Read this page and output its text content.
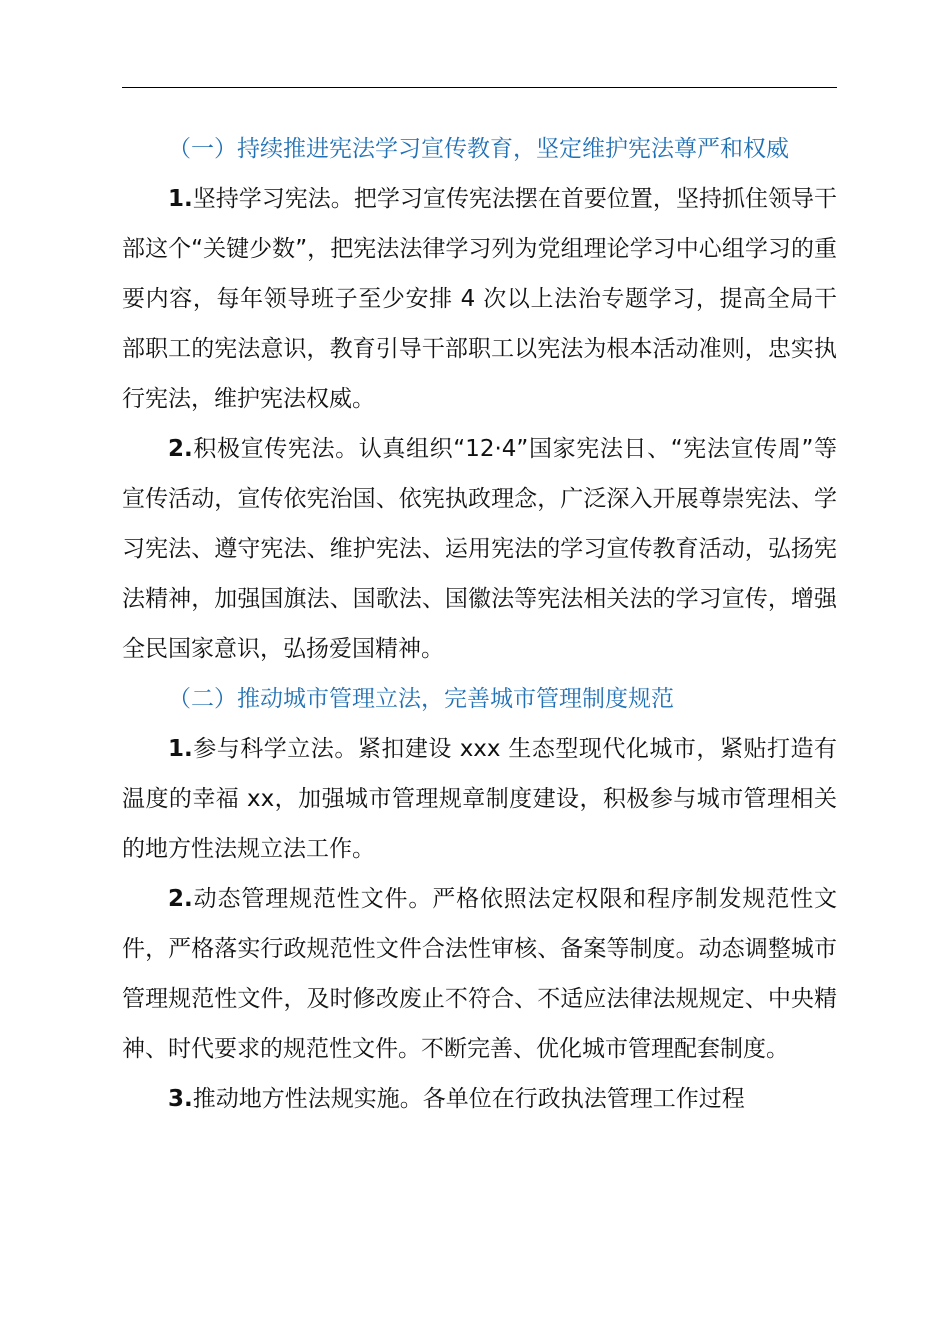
（一）持续推进宪法学习宣传教育，坚定维护宪法尊严和权威

1.坚持学习宪法。把学习宣传宪法摆在首要位置，坚持抓住领导干部这个“关键少数”，把宪法法律学习列为党组理论学习中心组学习的重要内容，每年领导班子至少安排 4 次以上法治专题学习，提高全局干部职工的宪法意识，教育引导干部职工以宪法为根本活动准则，忠实执行宪法，维护宪法权威。

2.积极宣传宪法。认真组织“12·4”国家宪法日、“宪法宣传周”等宣传活动，宣传依宪治国、依宪执政理念，广泛深入开展尊崇宪法、学习宪法、遵守宪法、维护宪法、运用宪法的学习宣传教育活动，弘扬宪法精神，加强国旗法、国歌法、国徽法等宪法相关法的学习宣传，增强全民国家意识，弘扬爱国精神。

（二）推动城市管理立法，完善城市管理制度规范

1.参与科学立法。紧扣建设 xxx 生态型现代化城市，紧贴打造有温度的幸福 xx，加强城市管理规章制度建设，积极参与城市管理相关的地方性法规立法工作。

2.动态管理规范性文件。严格依照法定权限和程序制发规范性文件，严格落实行政规范性文件合法性审核、备案等制度。动态调整城市管理规范性文件，及时修改废止不符合、不适应法律法规规定、中央精神、时代要求的规范性文件。不断完善、优化城市管理配套制度。

3.推动地方性法规实施。各单位在行政执法管理工作过程
